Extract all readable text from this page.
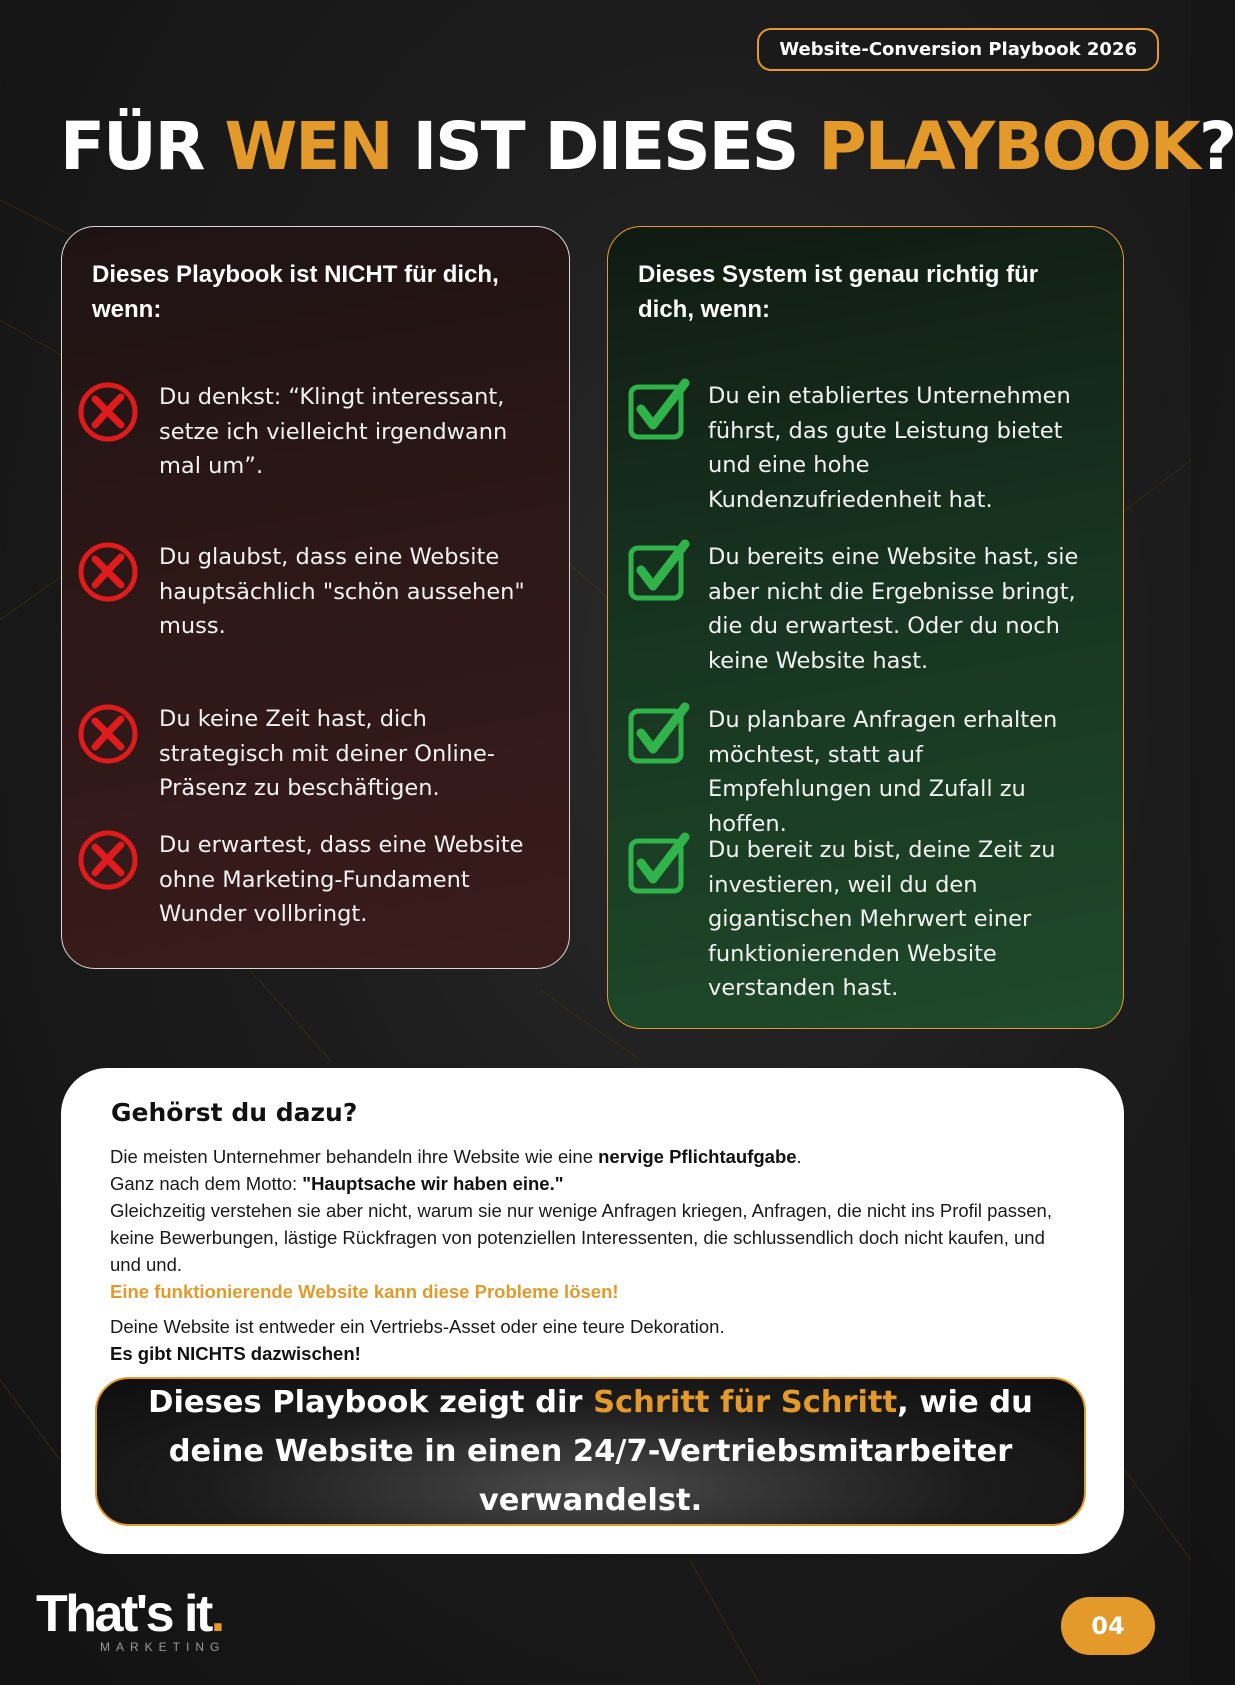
Website-Conversion Playbook 2026
FÜR WEN IST DIESES PLAYBOOK?
Dieses Playbook ist NICHT für dich, wenn:
Du denkst: “Klingt interessant, setze ich vielleicht irgendwann mal um”.
Du glaubst, dass eine Website hauptsächlich "schön aussehen" muss.
Du keine Zeit hast, dich strategisch mit deiner Online-Präsenz zu beschäftigen.
Du erwartest, dass eine Website ohne Marketing-Fundament Wunder vollbringt.
Dieses System ist genau richtig für dich, wenn:
Du ein etabliertes Unternehmen führst, das gute Leistung bietet und eine hohe Kundenzufriedenheit hat.
Du bereits eine Website hast, sie aber nicht die Ergebnisse bringt, die du erwartest. Oder du noch keine Website hast.
Du planbare Anfragen erhalten möchtest, statt auf Empfehlungen und Zufall zu hoffen.
Du bereit zu bist, deine Zeit zu investieren, weil du den gigantischen Mehrwert einer funktionierenden Website verstanden hast.
Gehörst du dazu?

Die meisten Unternehmer behandeln ihre Website wie eine nervige Pflichtaufgabe.

Ganz nach dem Motto: "Hauptsache wir haben eine."

Gleichzeitig verstehen sie aber nicht, warum sie nur wenige Anfragen kriegen, Anfragen, die nicht ins Profil passen, keine Bewerbungen, lästige Rückfragen von potenziellen Interessenten, die schlussendlich doch nicht kaufen, und und und.

Eine funktionierende Website kann diese Probleme lösen!

Deine Website ist entweder ein Vertriebs-Asset oder eine teure Dekoration.

Es gibt NICHTS dazwischen!

Dieses Playbook zeigt dir Schritt für Schritt, wie du deine Website in einen 24/7-Vertriebsmitarbeiter verwandelst.
That's it.
MARKETING
04
